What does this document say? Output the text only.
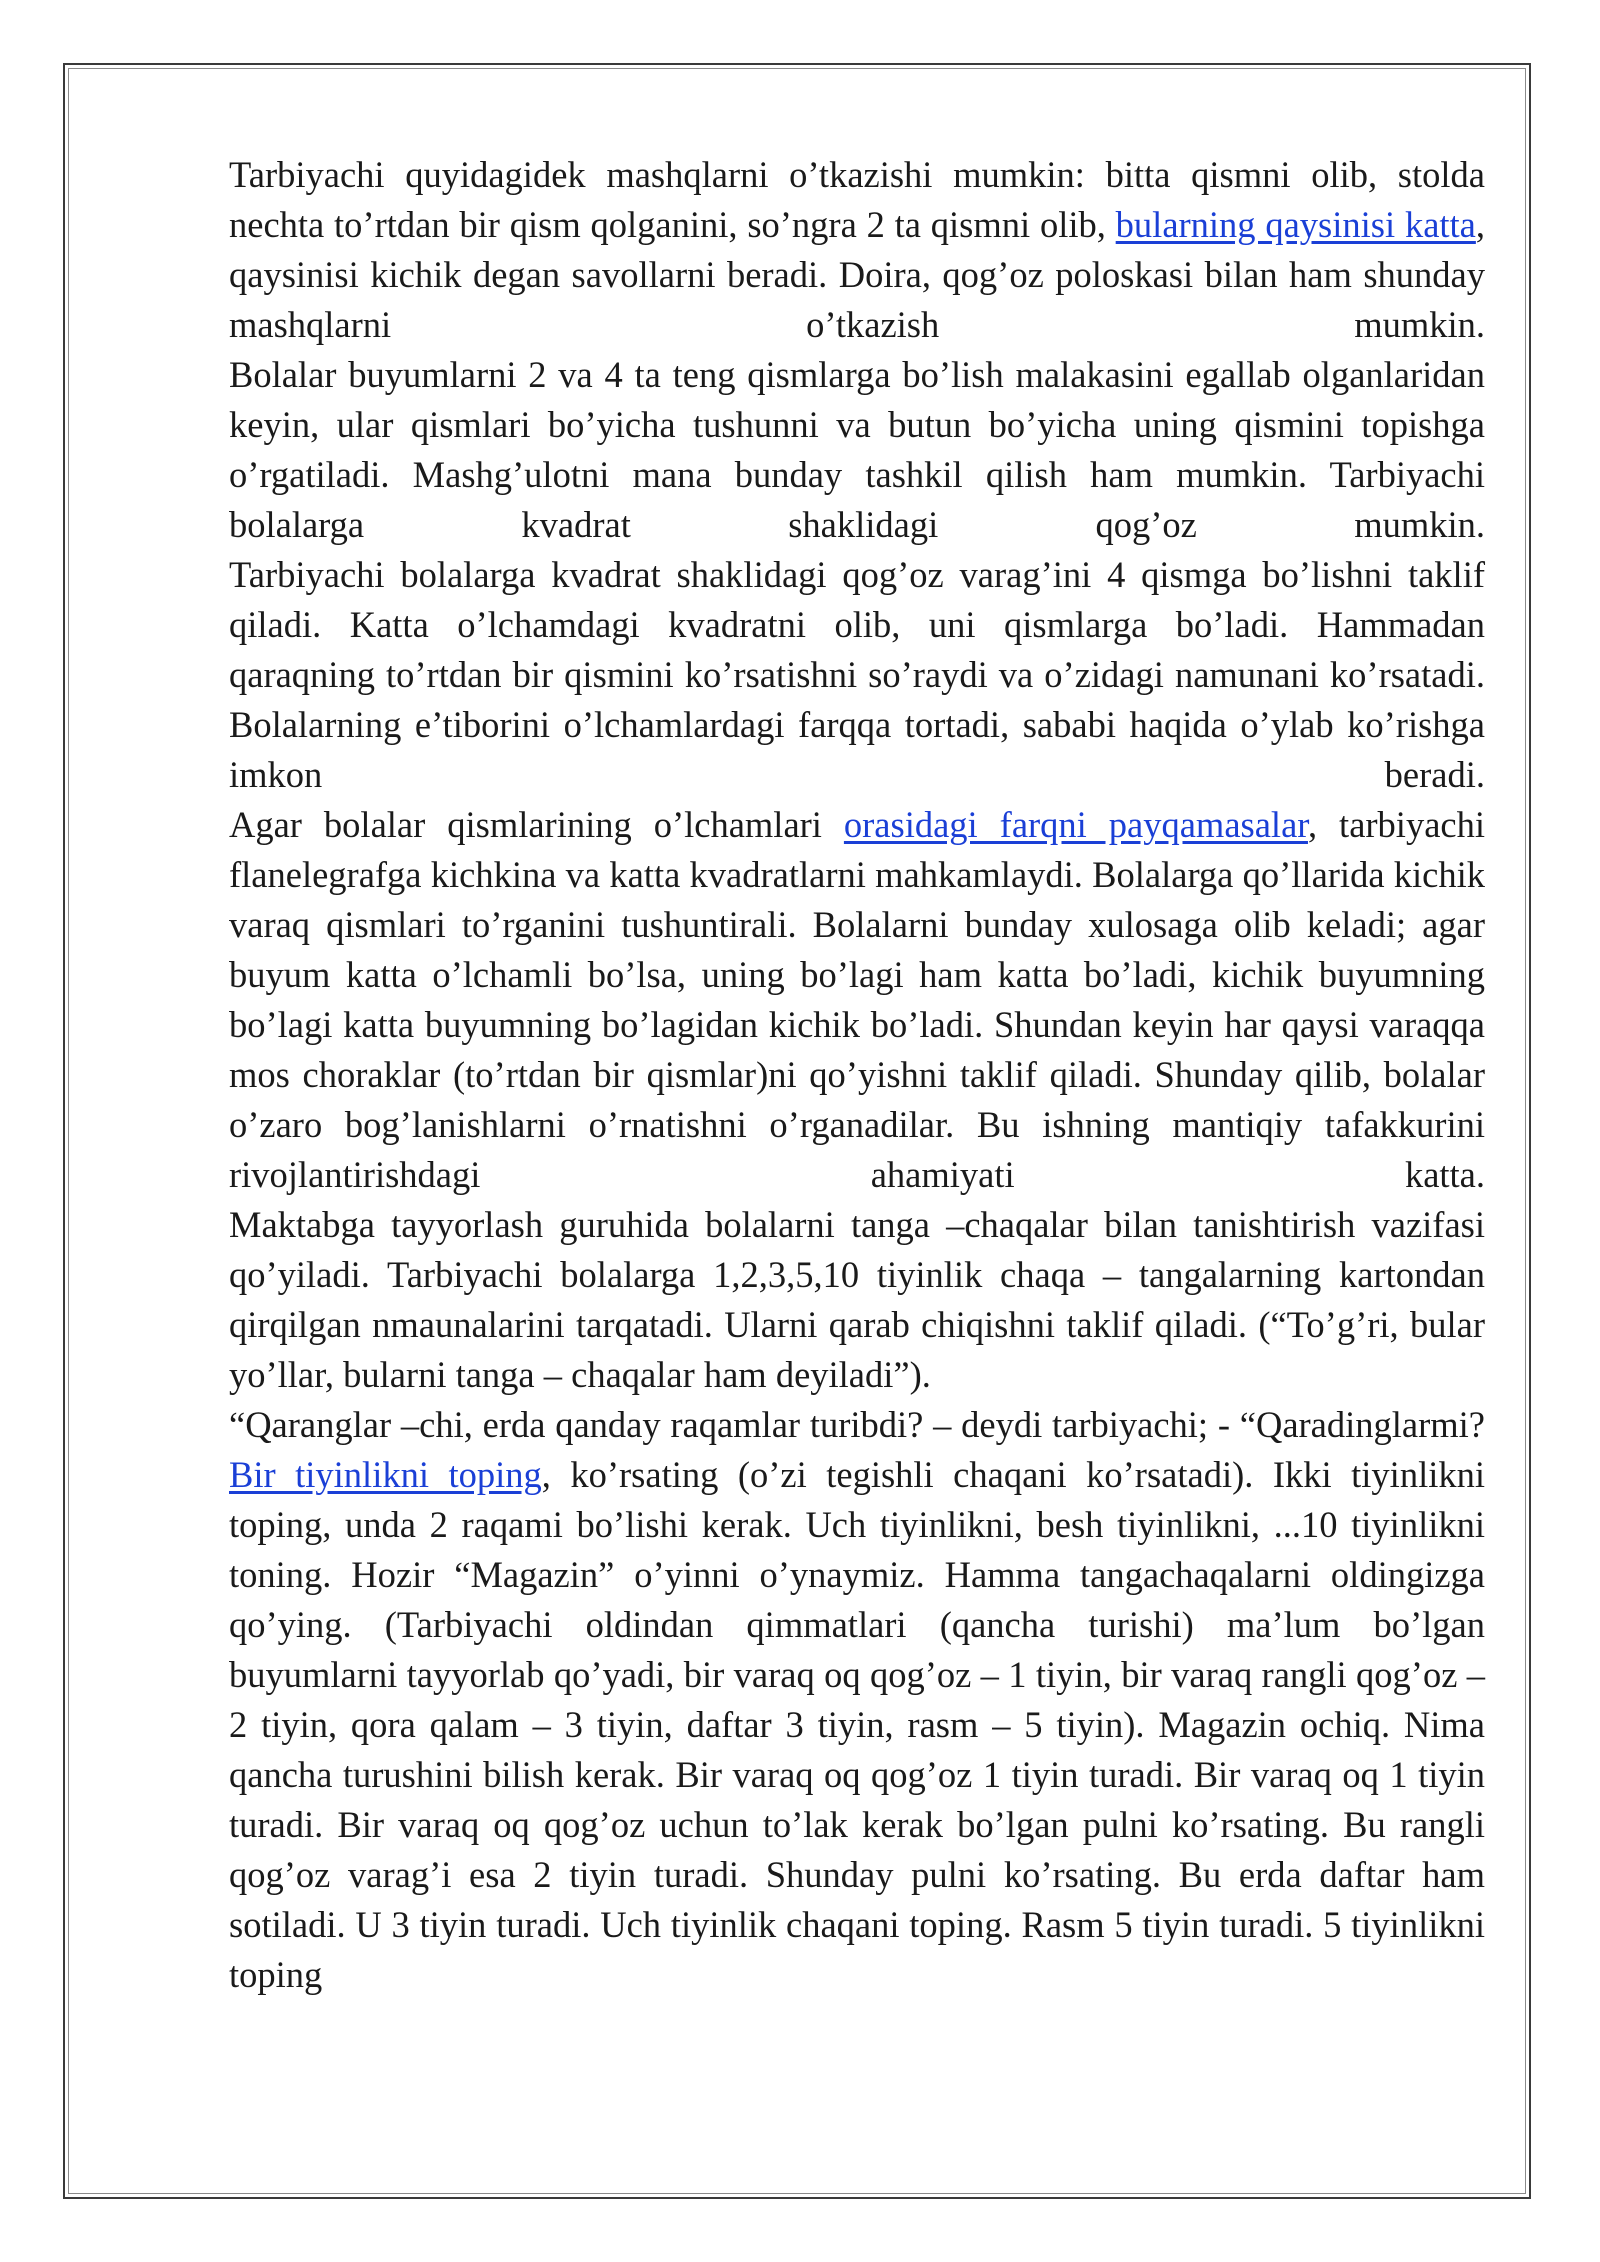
Tarbiyachi quyidagidek mashqlarni o’tkazishi mumkin: bitta qismni olib, stolda nechta to’rtdan bir qism qolganini, so’ngra 2 ta qismni olib, bularning qaysinisi katta, qaysinisi kichik degan savollarni beradi. Doira, qog’oz poloskasi bilan ham shunday mashqlarni o’tkazish mumkin.

Bolalar buyumlarni 2 va 4 ta teng qismlarga bo’lish malakasini egallab olganlaridan keyin, ular qismlari bo’yicha tushunni va butun bo’yicha uning qismini topishga o’rgatiladi. Mashg’ulotni mana bunday tashkil qilish ham mumkin. Tarbiyachi bolalarga kvadrat shaklidagi qog’oz mumkin.

Tarbiyachi bolalarga kvadrat shaklidagi qog’oz varag’ini 4 qismga bo’lishni taklif qiladi. Katta o’lchamdagi kvadratni olib, uni qismlarga bo’ladi. Hammadan qaraqning to’rtdan bir qismini ko’rsatishni so’raydi va o’zidagi namunani ko’rsatadi. Bolalarning e’tiborini o’lchamlardagi farqqa tortadi, sababi haqida o’ylab ko’rishga imkon beradi.

Agar bolalar qismlarining o’lchamlari orasidagi farqni payqamasalar, tarbiyachi flanelegrafga kichkina va katta kvadratlarni mahkamlaydi. Bolalarga qo’llarida kichik varaq qismlari to’rganini tushuntirali. Bolalarni bunday xulosaga olib keladi; agar buyum katta o’lchamli bo’lsa, uning bo’lagi ham katta bo’ladi, kichik buyumning bo’lagi katta buyumning bo’lagidan kichik bo’ladi. Shundan keyin har qaysi varaqqa mos choraklar (to’rtdan bir qismlar)ni qo’yishni taklif qiladi. Shunday qilib, bolalar o’zaro bog’lanishlarni o’rnatishni o’rganadilar. Bu ishning mantiqiy tafakkurini rivojlantirishdagi ahamiyati katta.

Maktabga tayyorlash guruhida bolalarni tanga –chaqalar bilan tanishtirish vazifasi qo’yiladi. Tarbiyachi bolalarga 1,2,3,5,10 tiyinlik chaqa – tangalarning kartondan qirqilgan nmaunalarini tarqatadi. Ularni qarab chiqishni taklif qiladi. (“To’g’ri, bular yo’llar, bularni tanga – chaqalar ham deyiladi”).

“Qaranglar –chi, erda qanday raqamlar turibdi? – deydi tarbiyachi; - “Qaradinglarmi? Bir tiyinlikni toping, ko’rsating (o’zi tegishli chaqani ko’rsatadi). Ikki tiyinlikni toping, unda 2 raqami bo’lishi kerak. Uch tiyinlikni, besh tiyinlikni, ...10 tiyinlikni toning. Hozir “Magazin” o’yinni o’ynaymiz. Hamma tangachaqalarni oldingizga qo’ying. (Tarbiyachi oldindan qimmatlari (qancha turishi) ma’lum bo’lgan buyumlarni tayyorlab qo’yadi, bir varaq oq qog’oz – 1 tiyin, bir varaq rangli qog’oz – 2 tiyin, qora qalam – 3 tiyin, daftar 3 tiyin, rasm – 5 tiyin). Magazin ochiq. Nima qancha turushini bilish kerak. Bir varaq oq qog’oz 1 tiyin turadi. Bir varaq oq 1 tiyin turadi. Bir varaq oq qog’oz uchun to’lak kerak bo’lgan pulni ko’rsating. Bu rangli qog’oz varag’i esa 2 tiyin turadi. Shunday pulni ko’rsating. Bu erda daftar ham sotiladi. U 3 tiyin turadi. Uch tiyinlik chaqani toping. Rasm 5 tiyin turadi. 5 tiyinlikni toping
